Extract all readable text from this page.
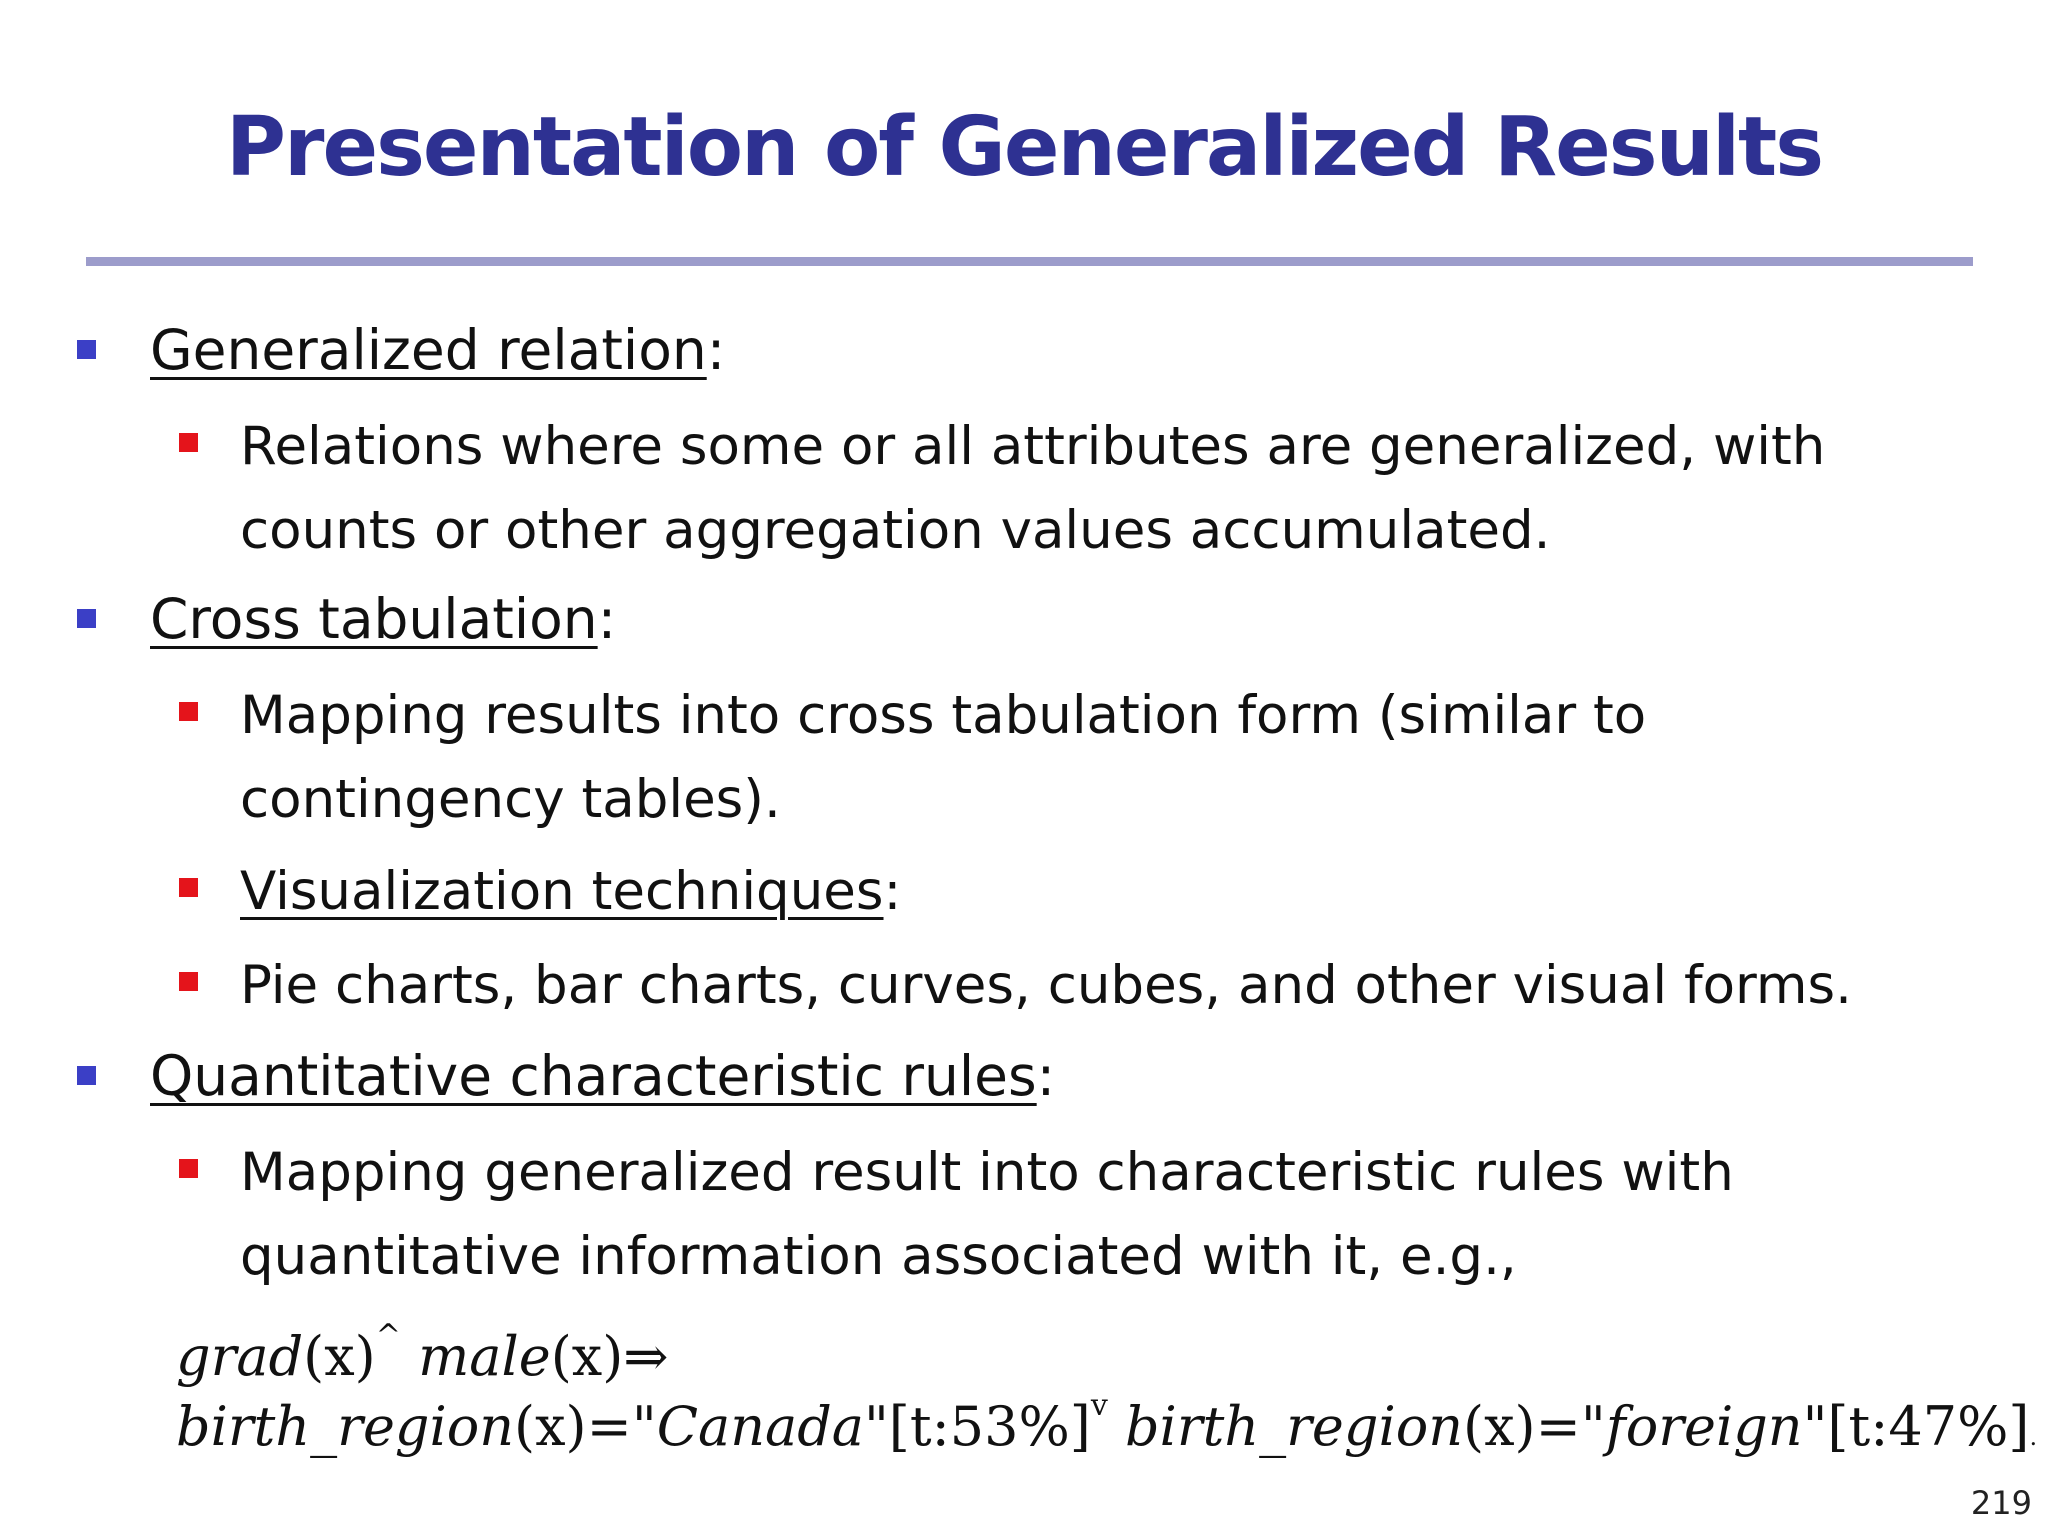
Presentation of Generalized Results
Generalized relation:
Relations where some or all attributes are generalized, with
counts or other aggregation values accumulated.
Cross tabulation:
Mapping results into cross tabulation form (similar to
contingency tables).
Visualization techniques:
Pie charts, bar charts, curves, cubes, and other visual forms.
Quantitative characteristic rules:
Mapping generalized result into characteristic rules with
quantitative information associated with it, e.g.,
grad(x)^ male(x)⇒
birth_region(x)="Canada"[t:53%]$^v$ birth_region(x)="foreign"[t:47%].
219
